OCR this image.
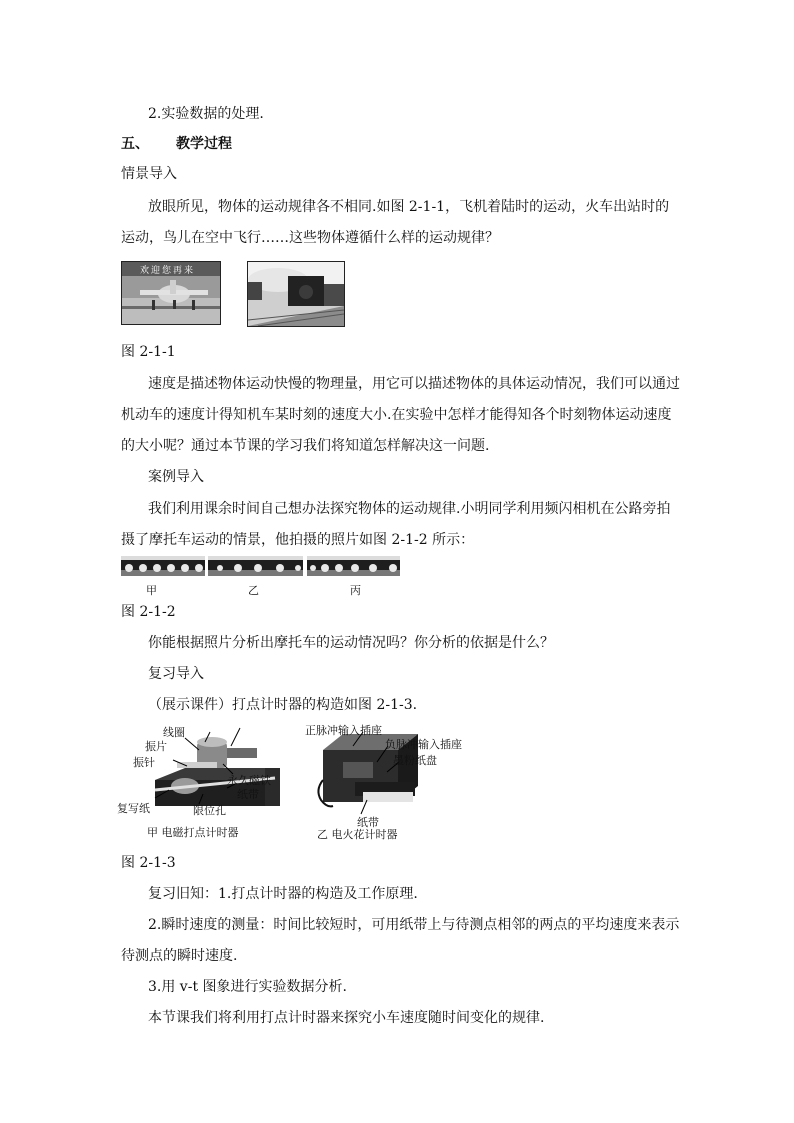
2.实验数据的处理.
五、 教学过程
情景导入
放眼所见，物体的运动规律各不相同.如图 2-1-1，飞机着陆时的运动，火车出站时的
运动，鸟儿在空中飞行……这些物体遵循什么样的运动规律？
欢迎您再来
图 2-1-1
速度是描述物体运动快慢的物理量，用它可以描述物体的具体运动情况，我们可以通过
机动车的速度计得知机车某时刻的速度大小.在实验中怎样才能得知各个时刻物体运动速度
的大小呢？通过本节课的学习我们将知道怎样解决这一问题.
案例导入
我们利用课余时间自己想办法探究物体的运动规律.小明同学利用频闪相机在公路旁拍
摄了摩托车运动的情景，他拍摄的照片如图 2-1-2 所示：
甲	乙	丙
图 2-1-2
你能根据照片分析出摩托车的运动情况吗？你分析的依据是什么？
复习导入
（展示课件）打点计时器的构造如图 2-1-3.
线圈
振片
振针
永久磁铁
纸带
复写纸	限位孔
甲 电磁打点计时器
正脉冲输入插座
负脉冲输入插座
墨粉纸盘
纸带
乙 电火花计时器
图 2-1-3
复习旧知：1.打点计时器的构造及工作原理.
2.瞬时速度的测量：时间比较短时，可用纸带上与待测点相邻的两点的平均速度来表示
待测点的瞬时速度.
3.用 v-t 图象进行实验数据分析.
本节课我们将利用打点计时器来探究小车速度随时间变化的规律.
